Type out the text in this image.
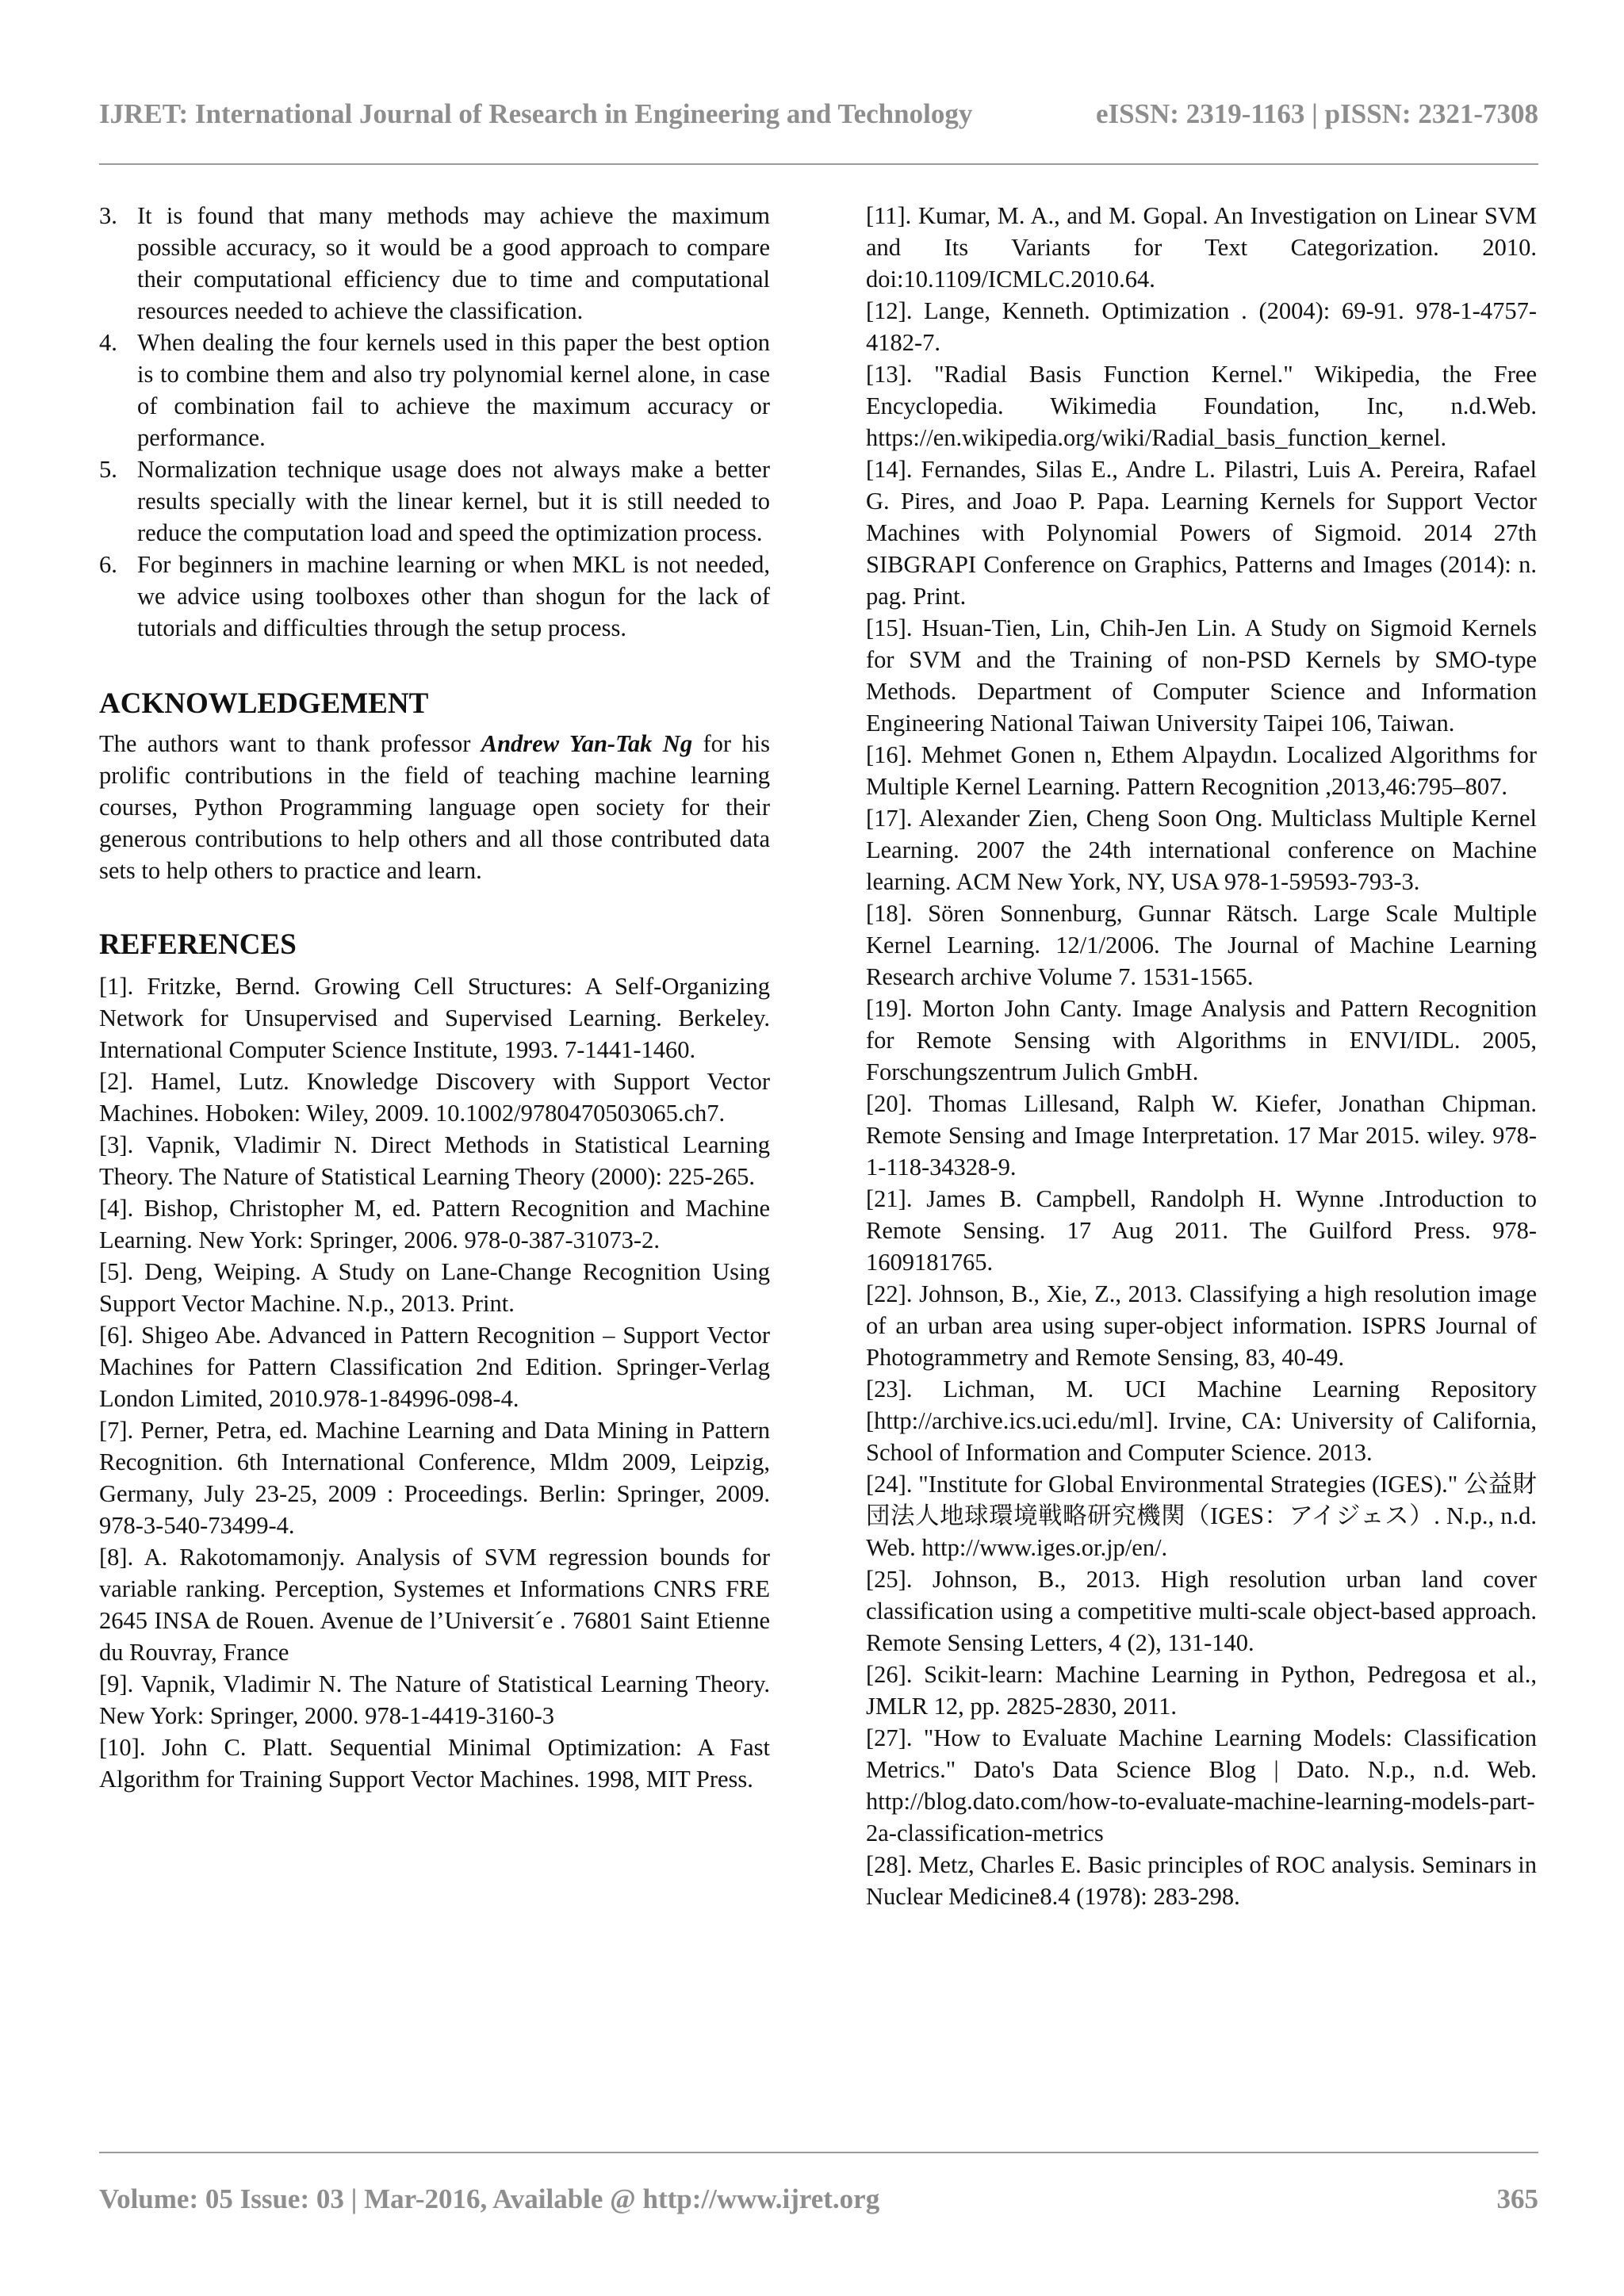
IJRET: International Journal of Research in Engineering and Technology	eISSN: 2319-1163 | pISSN: 2321-7308
3. It is found that many methods may achieve the maximum possible accuracy, so it would be a good approach to compare their computational efficiency due to time and computational resources needed to achieve the classification.
4. When dealing the four kernels used in this paper the best option is to combine them and also try polynomial kernel alone, in case of combination fail to achieve the maximum accuracy or performance.
5. Normalization technique usage does not always make a better results specially with the linear kernel, but it is still needed to reduce the computation load and speed the optimization process.
6. For beginners in machine learning or when MKL is not needed, we advice using toolboxes other than shogun for the lack of tutorials and difficulties through the setup process.
ACKNOWLEDGEMENT

The authors want to thank professor Andrew Yan-Tak Ng for his prolific contributions in the field of teaching machine learning courses, Python Programming language open society for their generous contributions to help others and all those contributed data sets to help others to practice and learn.

REFERENCES
[1]. Fritzke, Bernd. Growing Cell Structures: A Self-Organizing Network for Unsupervised and Supervised Learning. Berkeley. International Computer Science Institute, 1993. 7-1441-1460.
[2]. Hamel, Lutz. Knowledge Discovery with Support Vector Machines. Hoboken: Wiley, 2009. 10.1002/9780470503065.ch7.
[3]. Vapnik, Vladimir N. Direct Methods in Statistical Learning Theory. The Nature of Statistical Learning Theory (2000): 225-265.
[4]. Bishop, Christopher M, ed. Pattern Recognition and Machine Learning. New York: Springer, 2006. 978-0-387-31073-2.
[5]. Deng, Weiping. A Study on Lane-Change Recognition Using Support Vector Machine. N.p., 2013. Print.
[6]. Shigeo Abe. Advanced in Pattern Recognition – Support Vector Machines for Pattern Classification 2nd Edition. Springer-Verlag London Limited, 2010.978-1-84996-098-4.
[7]. Perner, Petra, ed. Machine Learning and Data Mining in Pattern Recognition. 6th International Conference, Mldm 2009, Leipzig, Germany, July 23-25, 2009 : Proceedings. Berlin: Springer, 2009. 978-3-540-73499-4.
[8]. A. Rakotomamonjy. Analysis of SVM regression bounds for variable ranking. Perception, Systemes et Informations CNRS FRE 2645 INSA de Rouen. Avenue de l’Universit´e . 76801 Saint Etienne du Rouvray, France
[9]. Vapnik, Vladimir N. The Nature of Statistical Learning Theory. New York: Springer, 2000. 978-1-4419-3160-3
[10]. John C. Platt. Sequential Minimal Optimization: A Fast Algorithm for Training Support Vector Machines. 1998, MIT Press.
[11]. Kumar, M. A., and M. Gopal. An Investigation on Linear SVM and Its Variants for Text Categorization. 2010. doi:10.1109/ICMLC.2010.64.
[12]. Lange, Kenneth. Optimization . (2004): 69-91. 978-1-4757-4182-7.
[13]. "Radial Basis Function Kernel." Wikipedia, the Free Encyclopedia. Wikimedia Foundation, Inc, n.d.Web. https://en.wikipedia.org/wiki/Radial_basis_function_kernel.
[14]. Fernandes, Silas E., Andre L. Pilastri, Luis A. Pereira, Rafael G. Pires, and Joao P. Papa. Learning Kernels for Support Vector Machines with Polynomial Powers of Sigmoid. 2014 27th SIBGRAPI Conference on Graphics, Patterns and Images (2014): n. pag. Print.
[15]. Hsuan-Tien, Lin, Chih-Jen Lin. A Study on Sigmoid Kernels for SVM and the Training of non-PSD Kernels by SMO-type Methods. Department of Computer Science and Information Engineering National Taiwan University Taipei 106, Taiwan.
[16]. Mehmet Gonen n, Ethem Alpaydın. Localized Algorithms for Multiple Kernel Learning. Pattern Recognition ,2013,46:795–807.
[17]. Alexander Zien, Cheng Soon Ong. Multiclass Multiple Kernel Learning. 2007 the 24th international conference on Machine learning. ACM New York, NY, USA 978-1-59593-793-3.
[18]. Sören Sonnenburg, Gunnar Rätsch. Large Scale Multiple Kernel Learning. 12/1/2006. The Journal of Machine Learning Research archive Volume 7. 1531-1565.
[19]. Morton John Canty. Image Analysis and Pattern Recognition for Remote Sensing with Algorithms in ENVI/IDL. 2005, Forschungszentrum Julich GmbH.
[20]. Thomas Lillesand, Ralph W. Kiefer, Jonathan Chipman. Remote Sensing and Image Interpretation. 17 Mar 2015. wiley. 978-1-118-34328-9.
[21]. James B. Campbell, Randolph H. Wynne .Introduction to Remote Sensing. 17 Aug 2011. The Guilford Press. 978-1609181765.
[22]. Johnson, B., Xie, Z., 2013. Classifying a high resolution image of an urban area using super-object information. ISPRS Journal of Photogrammetry and Remote Sensing, 83, 40-49.
[23]. Lichman, M. UCI Machine Learning Repository [http://archive.ics.uci.edu/ml]. Irvine, CA: University of California, School of Information and Computer Science. 2013.
[24]. "Institute for Global Environmental Strategies (IGES)." 公益財団法人地球環境戦略研究機関（IGES：アイジェス）. N.p., n.d. Web. http://www.iges.or.jp/en/.
[25]. Johnson, B., 2013. High resolution urban land cover classification using a competitive multi-scale object-based approach. Remote Sensing Letters, 4 (2), 131-140.
[26]. Scikit-learn: Machine Learning in Python, Pedregosa et al., JMLR 12, pp. 2825-2830, 2011.
[27]. "How to Evaluate Machine Learning Models: Classification Metrics." Dato's Data Science Blog | Dato. N.p., n.d. Web. http://blog.dato.com/how-to-evaluate-machine-learning-models-part-2a-classification-metrics
[28]. Metz, Charles E. Basic principles of ROC analysis. Seminars in Nuclear Medicine8.4 (1978): 283-298.
Volume: 05 Issue: 03 | Mar-2016, Available @ http://www.ijret.org	365
